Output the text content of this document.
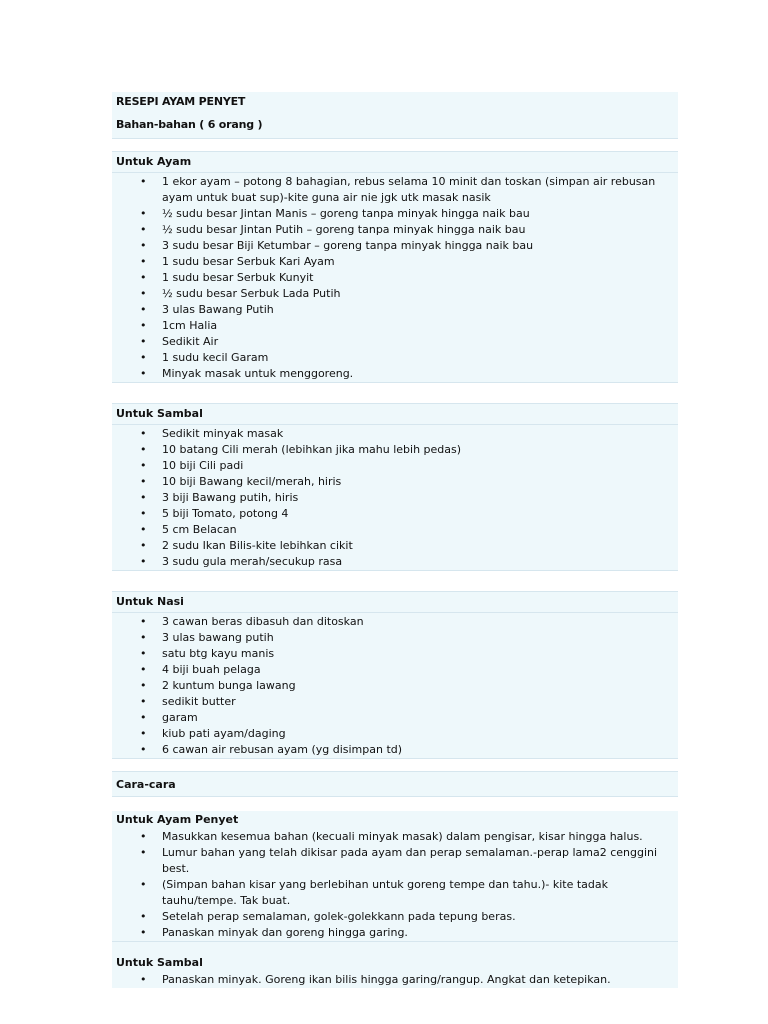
RESEPI AYAM PENYET
Bahan-bahan ( 6 orang )
Untuk Ayam
• 1 ekor ayam – potong 8 bahagian, rebus selama 10 minit dan toskan (simpan air rebusan ayam untuk buat sup)-kite guna air nie jgk utk masak nasik
• ½ sudu besar Jintan Manis – goreng tanpa minyak hingga naik bau
• ½ sudu besar Jintan Putih – goreng tanpa minyak hingga naik bau
• 3 sudu besar Biji Ketumbar – goreng tanpa minyak hingga naik bau
• 1 sudu besar Serbuk Kari Ayam
• 1 sudu besar Serbuk Kunyit
• ½ sudu besar Serbuk Lada Putih
• 3 ulas Bawang Putih
• 1cm Halia
• Sedikit Air
• 1 sudu kecil Garam
• Minyak masak untuk menggoreng.
Untuk Sambal
• Sedikit minyak masak
• 10 batang Cili merah (lebihkan jika mahu lebih pedas)
• 10 biji Cili padi
• 10 biji Bawang kecil/merah, hiris
• 3 biji Bawang putih, hiris
• 5 biji Tomato, potong 4
• 5 cm Belacan
• 2 sudu Ikan Bilis-kite lebihkan cikit
• 3 sudu gula merah/secukup rasa
Untuk Nasi
• 3 cawan beras dibasuh dan ditoskan
• 3 ulas bawang putih
• satu btg kayu manis
• 4 biji buah pelaga
• 2 kuntum bunga lawang
• sedikit butter
• garam
• kiub pati ayam/daging
• 6 cawan air rebusan ayam (yg disimpan td)
Cara-cara
Untuk Ayam Penyet
• Masukkan kesemua bahan (kecuali minyak masak) dalam pengisar, kisar hingga halus.
• Lumur bahan yang telah dikisar pada ayam dan perap semalaman.-perap lama2 cenggini best.
• (Simpan bahan kisar yang berlebihan untuk goreng tempe dan tahu.)- kite tadak tauhu/tempe. Tak buat.
• Setelah perap semalaman, golek-golekkann pada tepung beras.
• Panaskan minyak dan goreng hingga garing.
Untuk Sambal
• Panaskan minyak. Goreng ikan bilis hingga garing/rangup. Angkat dan ketepikan.
